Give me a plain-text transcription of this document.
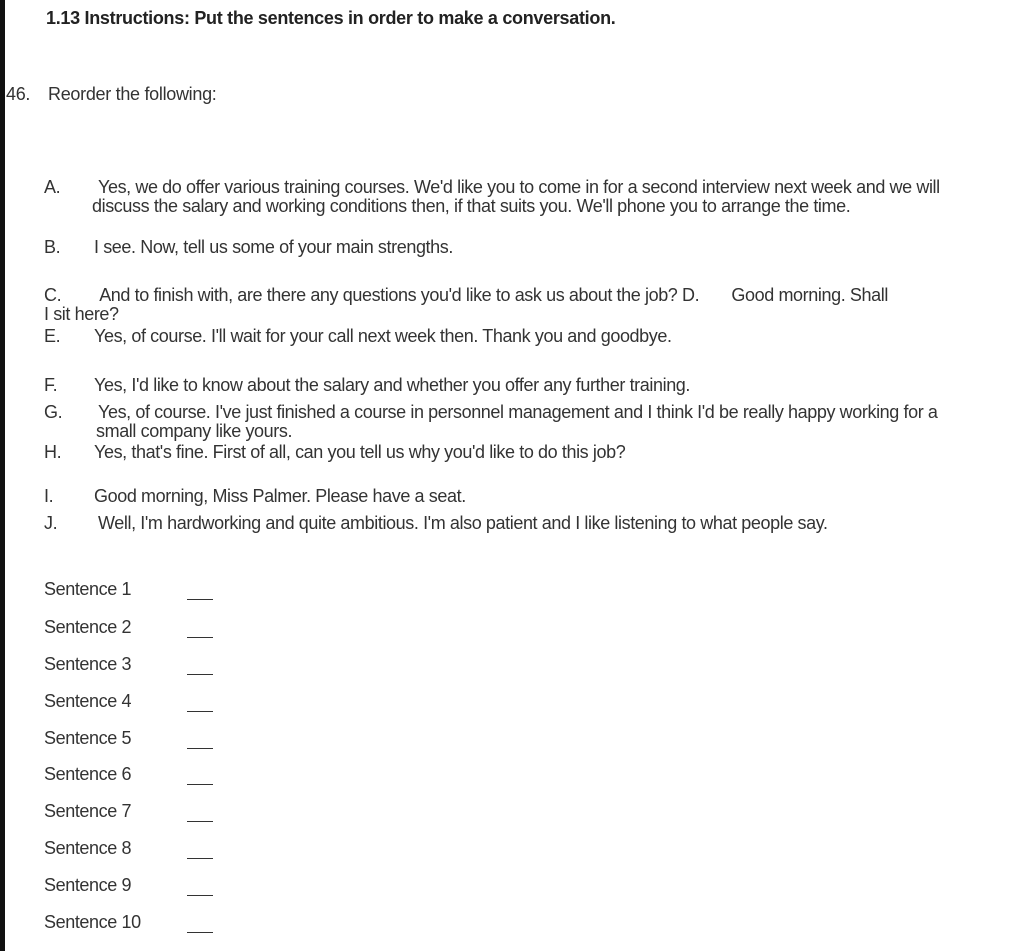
1.13 Instructions: Put the sentences in order to make a conversation.
46. Reorder the following:
A.	Yes, we do offer various training courses. We'd like you to come in for a second interview next week and we will discuss the salary and working conditions then, if that suits you. We'll phone you to arrange the time.
B.	I see. Now, tell us some of your main strengths.
C. And to finish with, are there any questions you'd like to ask us about the job? D.       Good morning. Shall I sit here?
E.	Yes, of course. I'll wait for your call next week then. Thank you and goodbye.
F.	Yes, I'd like to know about the salary and whether you offer any further training.
G.	Yes, of course. I've just finished a course in personnel management and I think I'd be really happy working for a small company like yours.
H.	Yes, that's fine. First of all, can you tell us why you'd like to do this job?
I.	Good morning, Miss Palmer. Please have a seat.
J.	Well, I'm hardworking and quite ambitious. I'm also patient and I like listening to what people say.
Sentence 1
Sentence 2
Sentence 3
Sentence 4
Sentence 5
Sentence 6
Sentence 7
Sentence 8
Sentence 9
Sentence 10
